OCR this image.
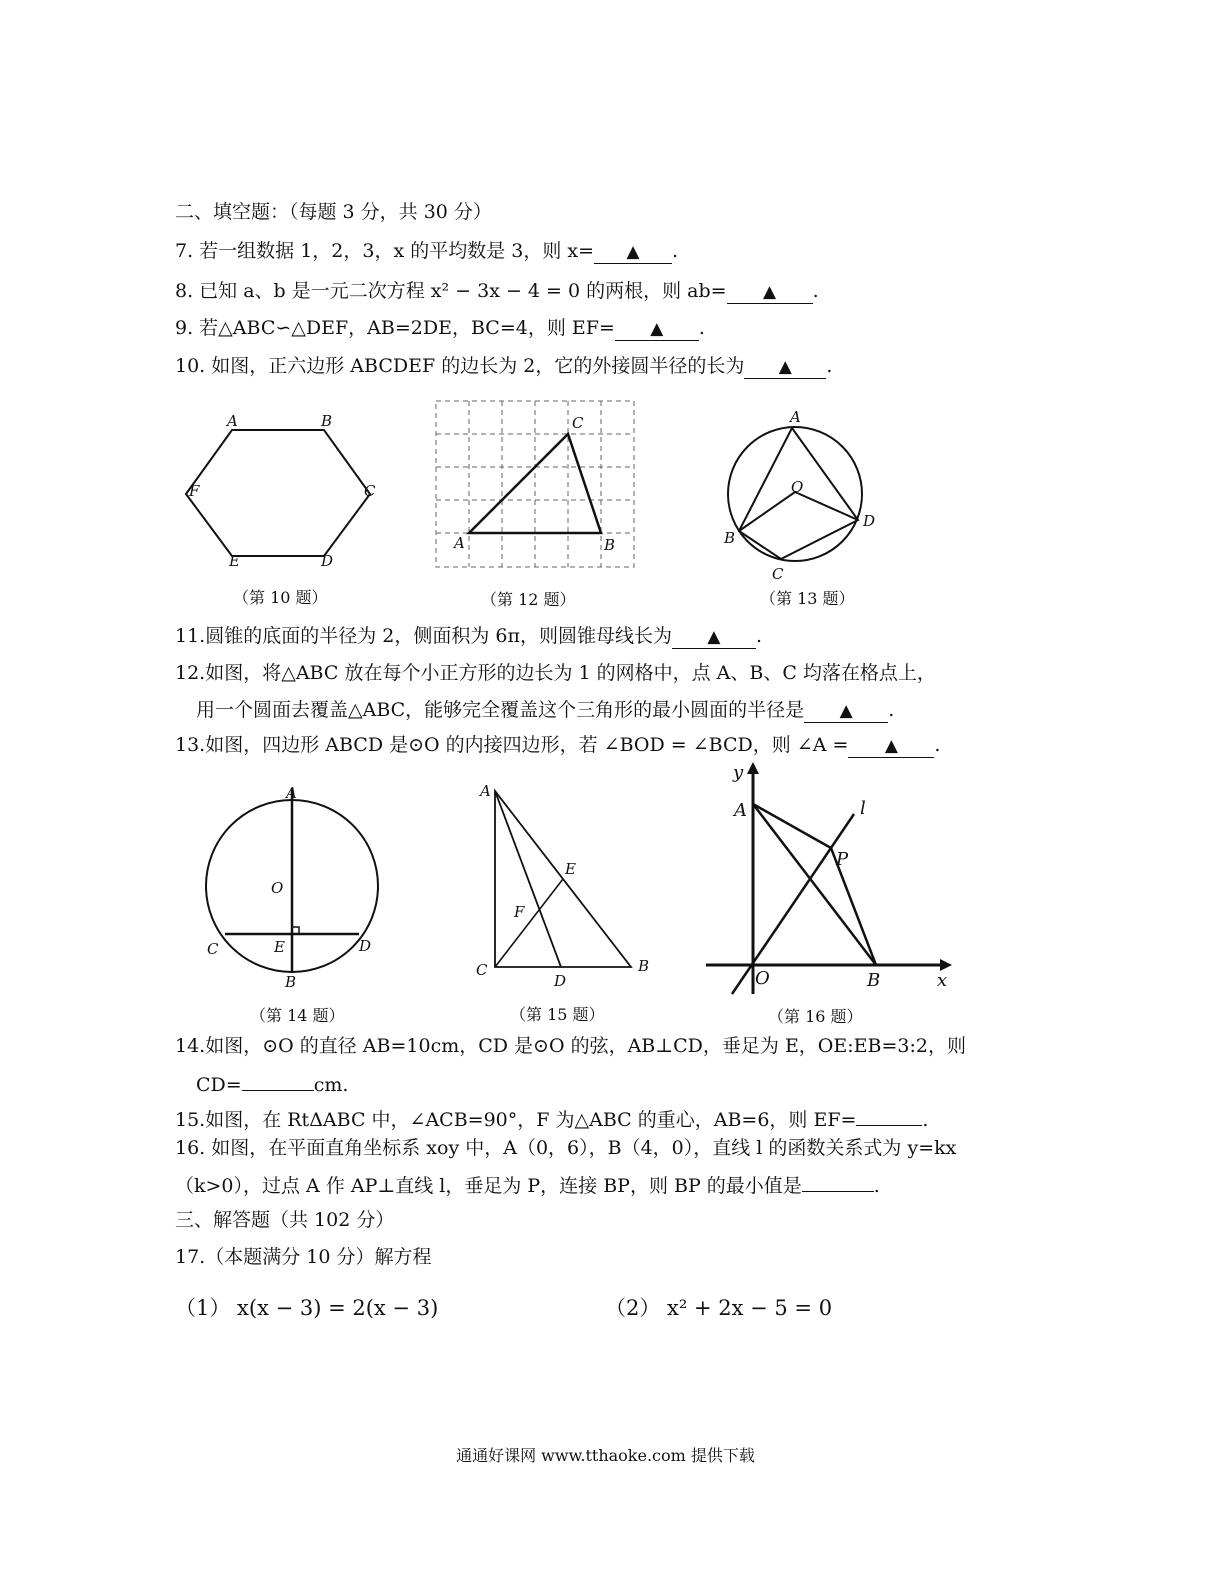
二、填空题：（每题 3 分，共 30 分）
7. 若一组数据 1，2，3，x 的平均数是 3，则 x= ▲ .
8. 已知 a、b 是一元二次方程 x² − 3x − 4 = 0 的两根，则 ab= ▲ .
9. 若△ABC∽△DEF，AB=2DE，BC=4，则 EF= ▲ .
10. 如图，正六边形 ABCDEF 的边长为 2，它的外接圆半径的长为 ▲ .
A	B
C
D
E
F
（第 10 题）
A	B
C
（第 12 题）
A
B
C
D
O
（第 13 题）
11.圆锥的底面的半径为 2，侧面积为 6π，则圆锥母线长为 ▲ .
12.如图，将△ABC 放在每个小正方形的边长为 1 的网格中，点 A、B、C 均落在格点上，
用一个圆面去覆盖△ABC，能够完全覆盖这个三角形的最小圆面的半径是 ▲ .
13.如图，四边形 ABCD 是⊙O 的内接四边形，若 ∠BOD = ∠BCD，则 ∠A = ▲ .
A
B
C	D
E
O
（第 14 题）
A
B
C
D
E
F
（第 15 题）
y
A	l
P
O	B	x
（第 16 题）
14.如图，⊙O 的直径 AB=10cm，CD 是⊙O 的弦，AB⊥CD，垂足为 E，OE:EB=3:2，则
CD=	cm.
15.如图，在 RtΔABC 中，∠ACB=90°，F 为△ABC 的重心，AB=6，则 EF=	.
16. 如图，在平面直角坐标系 xoy 中，A（0，6），B（4，0），直线 l 的函数关系式为 y=kx
（k>0），过点 A 作 AP⊥直线 l，垂足为 P，连接 BP，则 BP 的最小值是	.
三、解答题（共 102 分）
17.（本题满分 10 分）解方程
（1） x(x − 3) = 2(x − 3)	（2） x² + 2x − 5 = 0
通通好课网 www.tthaoke.com 提供下载
